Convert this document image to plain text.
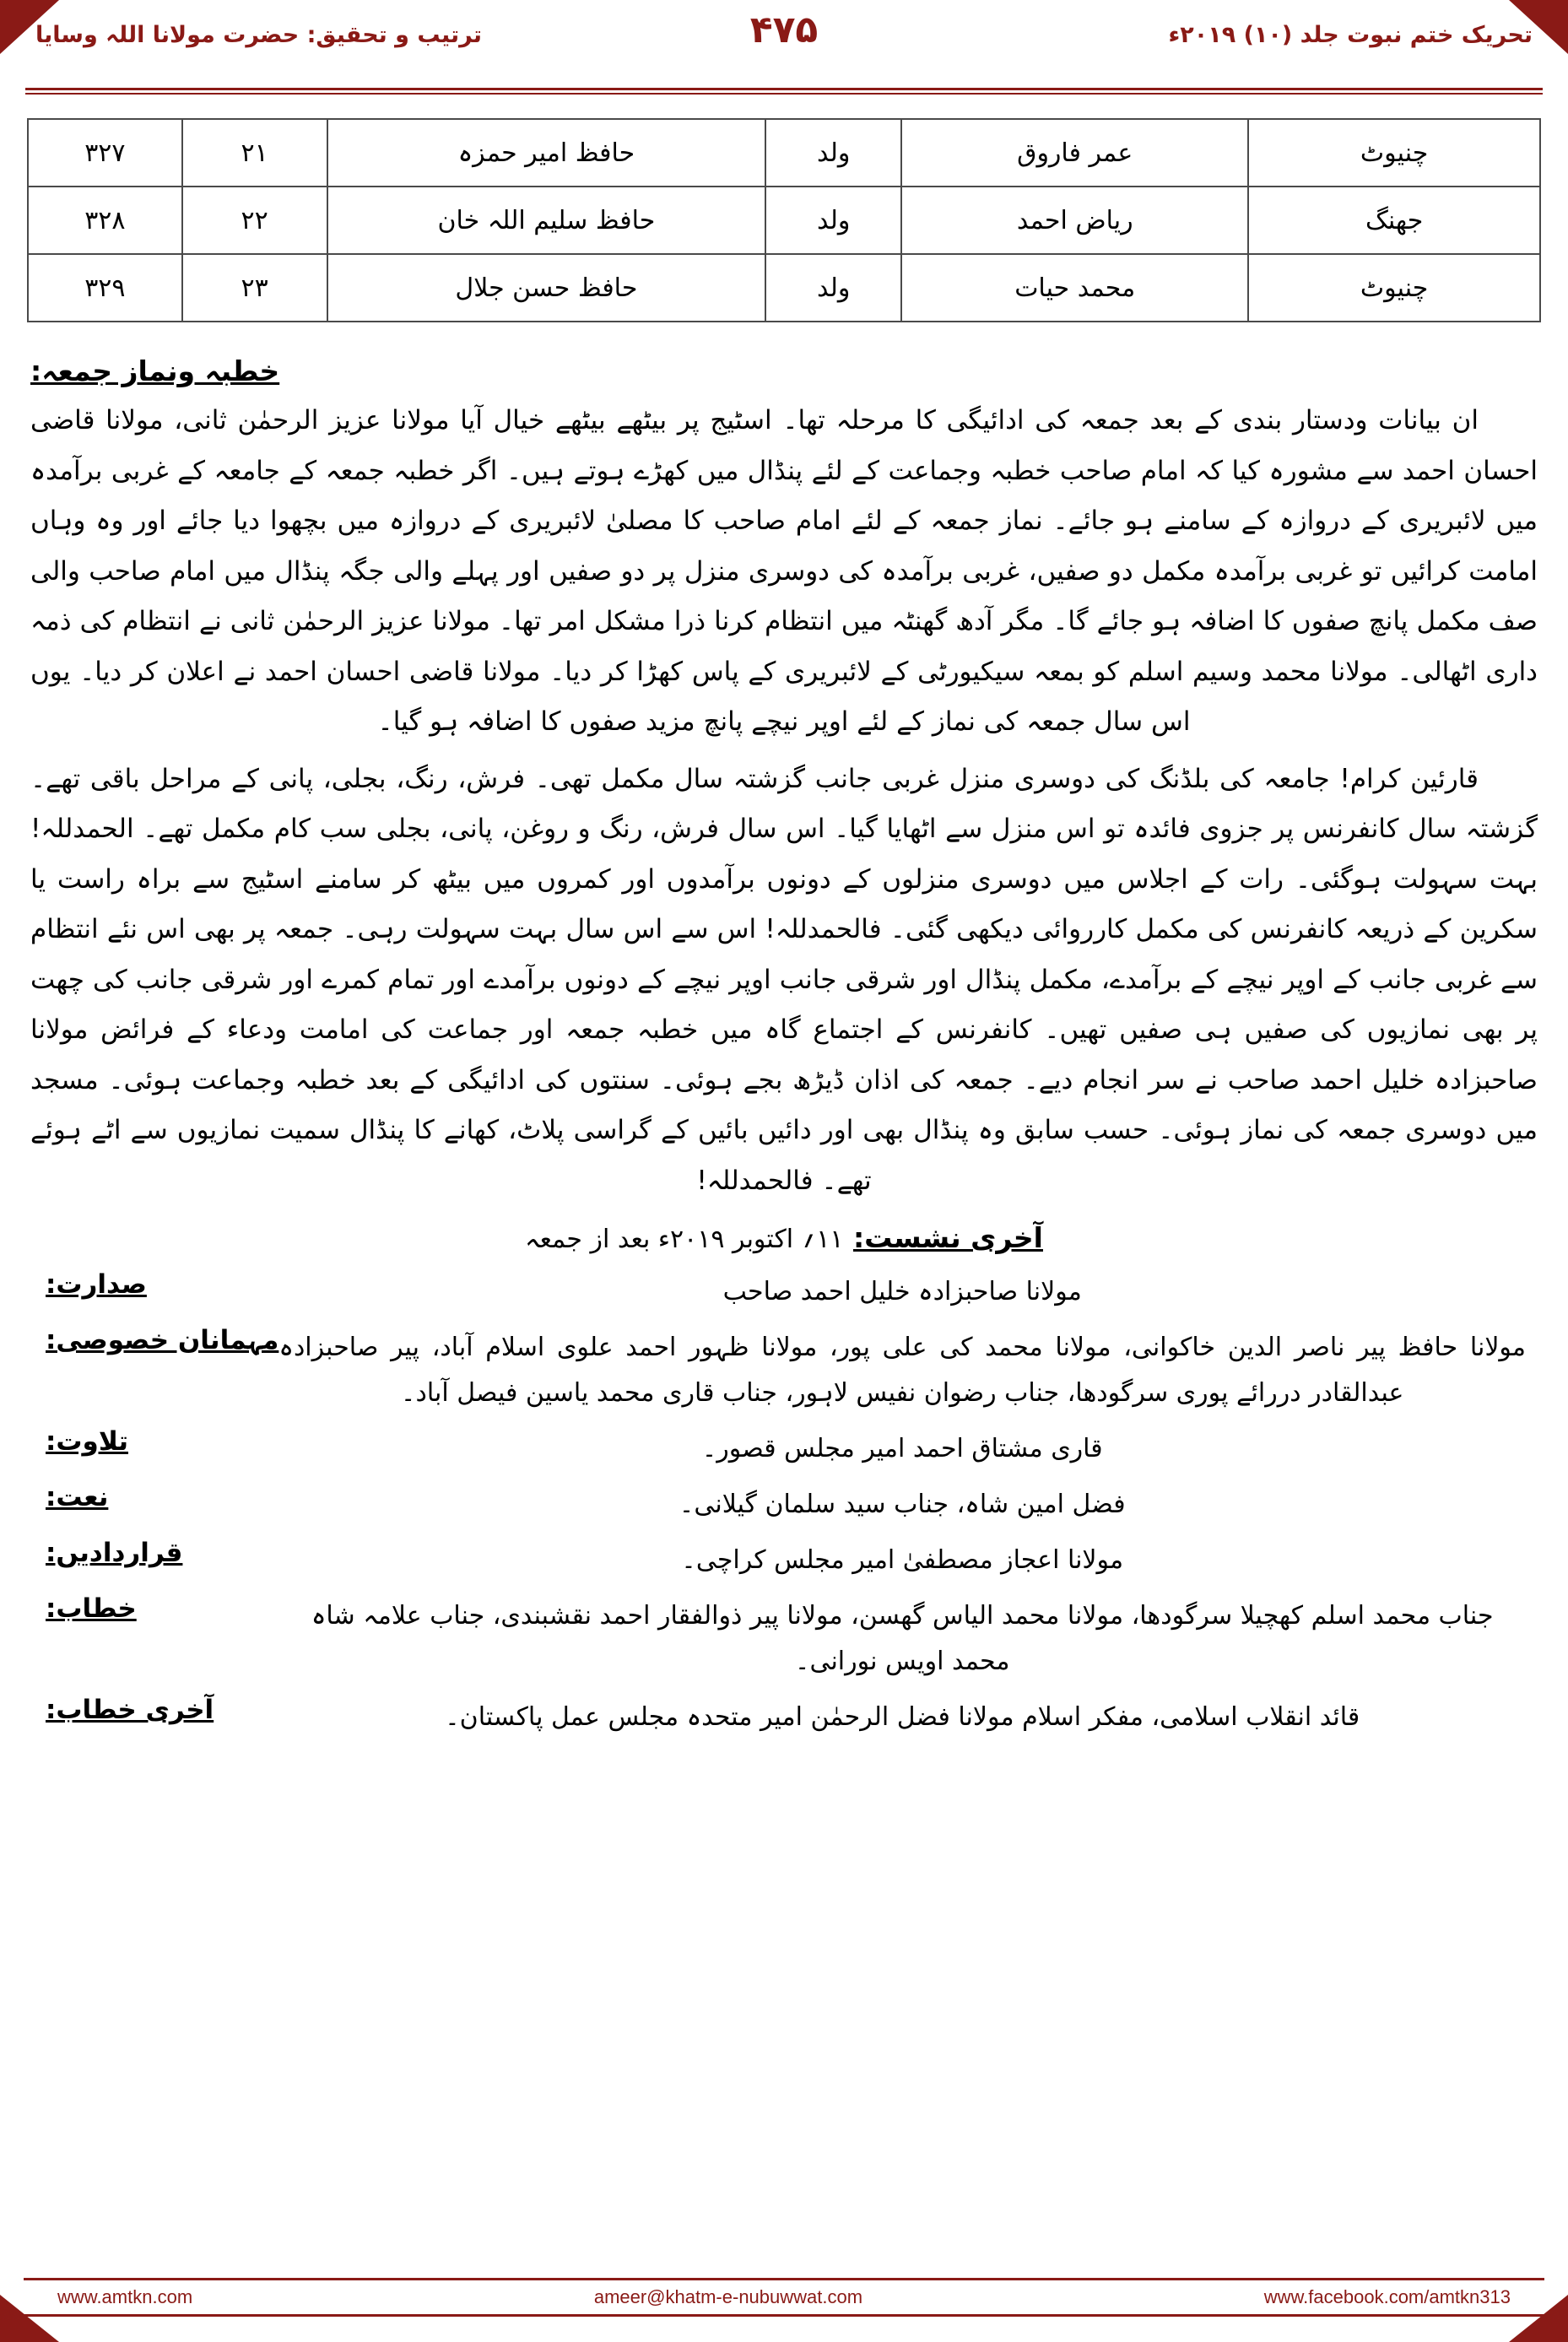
تحریک ختم نبوت جلد (۱۰) ۲۰۱۹ء
۴۷۵
ترتیب و تحقیق: حضرت مولانا اللہ وسایا
چنیوٹ	عمر فاروق	ولد	حافظ امیر حمزہ	۲۱	۳۲۷
جھنگ	ریاض احمد	ولد	حافظ سلیم اللہ خان	۲۲	۳۲۸
چنیوٹ	محمد حیات	ولد	حافظ حسن جلال	۲۳	۳۲۹
خطبہ ونماز جمعہ:

ان بیانات ودستار بندی کے بعد جمعہ کی ادائیگی کا مرحلہ تھا۔ اسٹیج پر بیٹھے بیٹھے خیال آیا مولانا عزیز الرحمٰن ثانی، مولانا قاضی احسان احمد سے مشورہ کیا کہ امام صاحب خطبہ وجماعت کے لئے پنڈال میں کھڑے ہوتے ہیں۔ اگر خطبہ جمعہ کے جامعہ کے غربی برآمدہ میں لائبریری کے دروازہ کے سامنے ہو جائے۔ نماز جمعہ کے لئے امام صاحب کا مصلیٰ لائبریری کے دروازہ میں بچھوا دیا جائے اور وہ وہاں امامت کرائیں تو غربی برآمدہ مکمل دو صفیں، غربی برآمدہ کی دوسری منزل پر دو صفیں اور پہلے والی جگہ پنڈال میں امام صاحب والی صف مکمل پانچ صفوں کا اضافہ ہو جائے گا۔ مگر آدھ گھنٹہ میں انتظام کرنا ذرا مشکل امر تھا۔ مولانا عزیز الرحمٰن ثانی نے انتظام کی ذمہ داری اٹھالی۔ مولانا محمد وسیم اسلم کو بمعہ سیکیورٹی کے لائبریری کے پاس کھڑا کر دیا۔ مولانا قاضی احسان احمد نے اعلان کر دیا۔ یوں اس سال جمعہ کی نماز کے لئے اوپر نیچے پانچ مزید صفوں کا اضافہ ہو گیا۔

قارئین کرام! جامعہ کی بلڈنگ کی دوسری منزل غربی جانب گزشتہ سال مکمل تھی۔ فرش، رنگ، بجلی، پانی کے مراحل باقی تھے۔ گزشتہ سال کانفرنس پر جزوی فائدہ تو اس منزل سے اٹھایا گیا۔ اس سال فرش، رنگ و روغن، پانی، بجلی سب کام مکمل تھے۔ الحمدللہ! بہت سہولت ہوگئی۔ رات کے اجلاس میں دوسری منزلوں کے دونوں برآمدوں اور کمروں میں بیٹھ کر سامنے اسٹیج سے براہ راست یا سکرین کے ذریعہ کانفرنس کی مکمل کارروائی دیکھی گئی۔ فالحمدللہ! اس سے اس سال بہت سہولت رہی۔ جمعہ پر بھی اس نئے انتظام سے غربی جانب کے اوپر نیچے کے برآمدے، مکمل پنڈال اور شرقی جانب اوپر نیچے کے دونوں برآمدے اور تمام کمرے اور شرقی جانب کی چھت پر بھی نمازیوں کی صفیں ہی صفیں تھیں۔ کانفرنس کے اجتماع گاہ میں خطبہ جمعہ اور جماعت کی امامت ودعاء کے فرائض مولانا صاحبزادہ خلیل احمد صاحب نے سر انجام دیے۔ جمعہ کی اذان ڈیڑھ بجے ہوئی۔ سنتوں کی ادائیگی کے بعد خطبہ وجماعت ہوئی۔ مسجد میں دوسری جمعہ کی نماز ہوئی۔ حسب سابق وہ پنڈال بھی اور دائیں بائیں کے گراسی پلاٹ، کھانے کا پنڈال سمیت نمازیوں سے اٹے ہوئے تھے۔ فالحمدللہ!

آخری نشست: ۱۱؍ اکتوبر ۲۰۱۹ء بعد از جمعہ
مولانا صاحبزادہ خلیل احمد صاحب	صدارت:
مولانا حافظ پیر ناصر الدین خاکوانی، مولانا محمد کی علی پور، مولانا ظہور احمد علوی اسلام آباد، پیر صاحبزادہ عبدالقادر دررائے پوری سرگودھا، جناب رضوان نفیس لاہور، جناب قاری محمد یاسین فیصل آباد۔	مہمانان خصوصی:
قاری مشتاق احمد امیر مجلس قصور۔	تلاوت:
فضل امین شاہ، جناب سید سلمان گیلانی۔	نعت:
مولانا اعجاز مصطفیٰ امیر مجلس کراچی۔	قراردادیں:
جناب محمد اسلم کھچیلا سرگودھا، مولانا محمد الیاس گھسن، مولانا پیر ذوالفقار احمد نقشبندی، جناب علامہ شاہ محمد اویس نورانی۔	خطاب:
قائد انقلاب اسلامی، مفکر اسلام مولانا فضل الرحمٰن امیر متحدہ مجلس عمل پاکستان۔	آخری خطاب:
www.amtkn.com	ameer@khatm-e-nubuwwat.com	www.facebook.com/amtkn313
